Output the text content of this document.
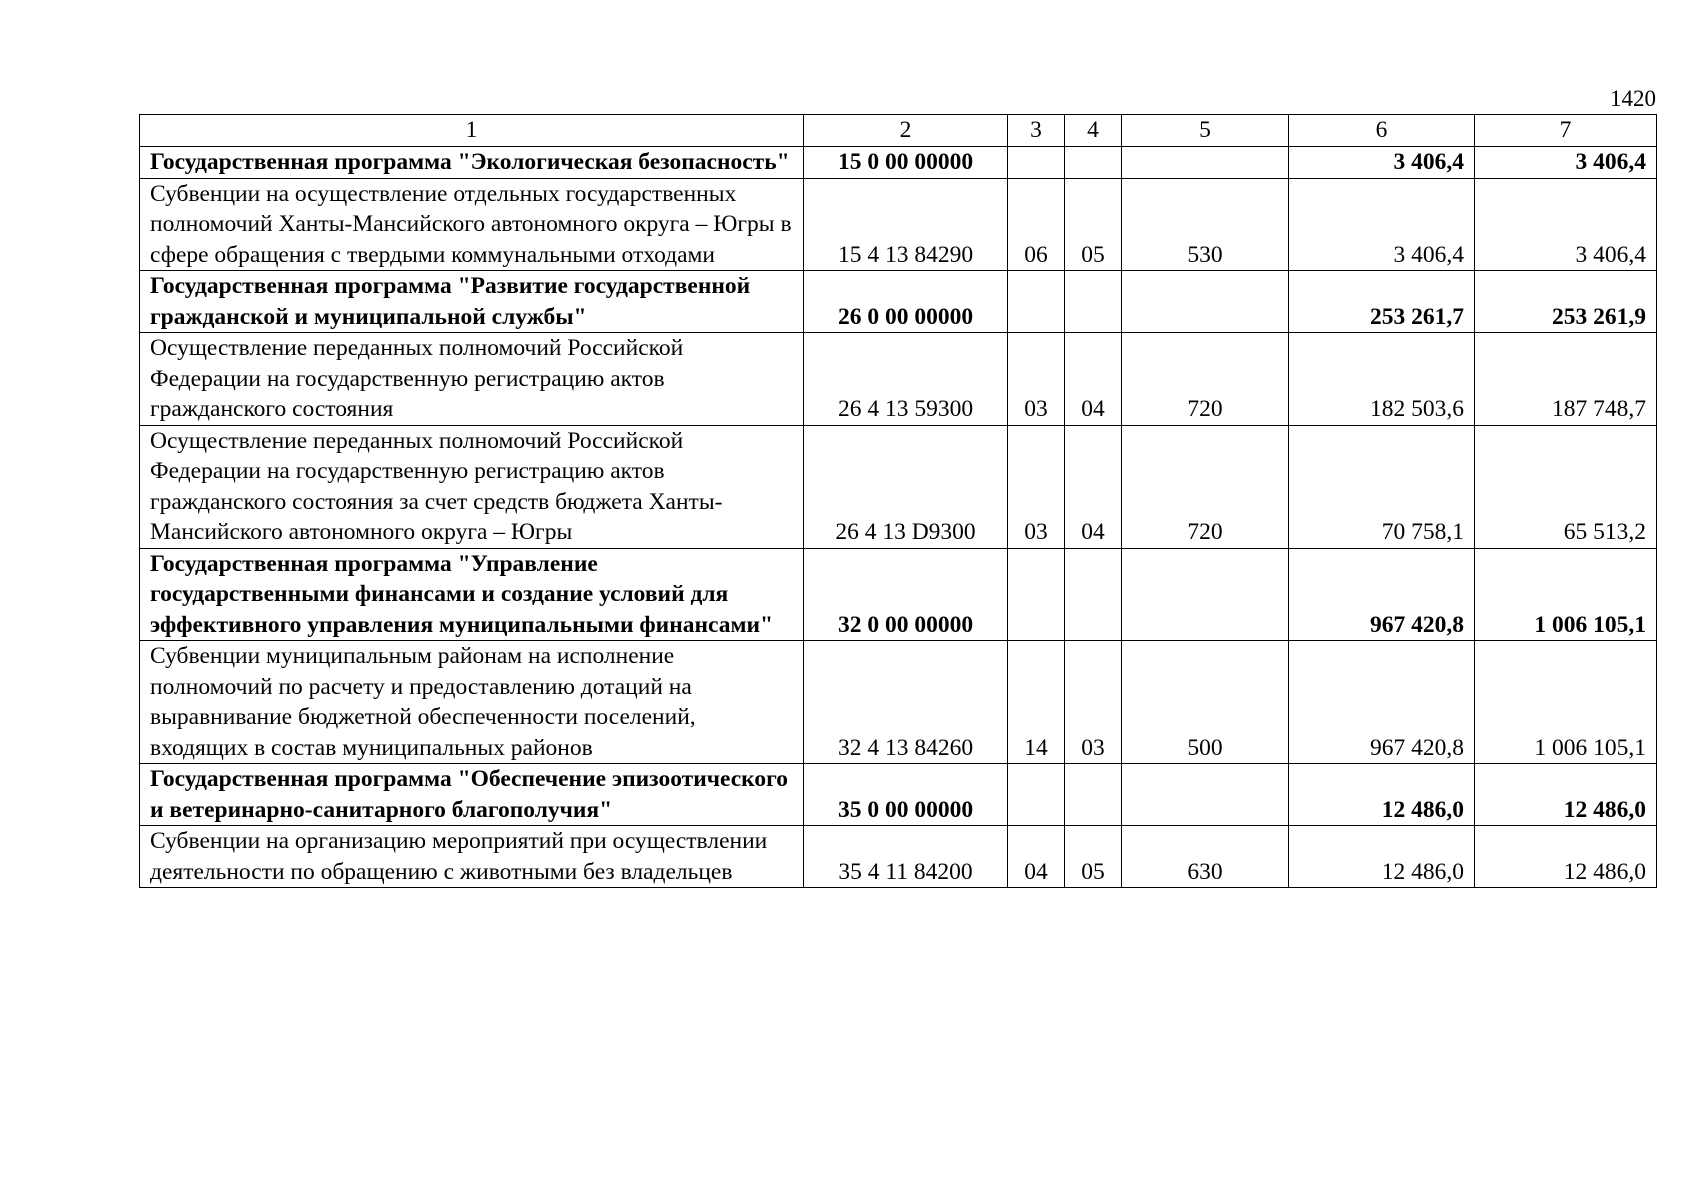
1420
1	2	3	4	5	6	7
Государственная программа "Экологическая безопасность"	15 0 00 00000				3 406,4	3 406,4
Субвенции на осуществление отдельных государственных полномочий Ханты-Мансийского автономного округа – Югры в сфере обращения с твердыми коммунальными отходами	15 4 13 84290	06	05	530	3 406,4	3 406,4
Государственная программа "Развитие государственной гражданской и муниципальной службы"	26 0 00 00000				253 261,7	253 261,9
Осуществление переданных полномочий Российской Федерации на государственную регистрацию актов гражданского состояния	26 4 13 59300	03	04	720	182 503,6	187 748,7
Осуществление переданных полномочий Российской Федерации на государственную регистрацию актов гражданского состояния за счет средств бюджета Ханты-Мансийского автономного округа – Югры	26 4 13 D9300	03	04	720	70 758,1	65 513,2
Государственная программа "Управление государственными финансами и создание условий для эффективного управления муниципальными финансами"	32 0 00 00000				967 420,8	1 006 105,1
Субвенции муниципальным районам на исполнение полномочий по расчету и предоставлению дотаций на выравнивание бюджетной обеспеченности поселений, входящих в состав муниципальных районов	32 4 13 84260	14	03	500	967 420,8	1 006 105,1
Государственная программа "Обеспечение эпизоотического и ветеринарно-санитарного благополучия"	35 0 00 00000				12 486,0	12 486,0
Субвенции на организацию мероприятий при осуществлении деятельности по обращению с животными без владельцев	35 4 11 84200	04	05	630	12 486,0	12 486,0
